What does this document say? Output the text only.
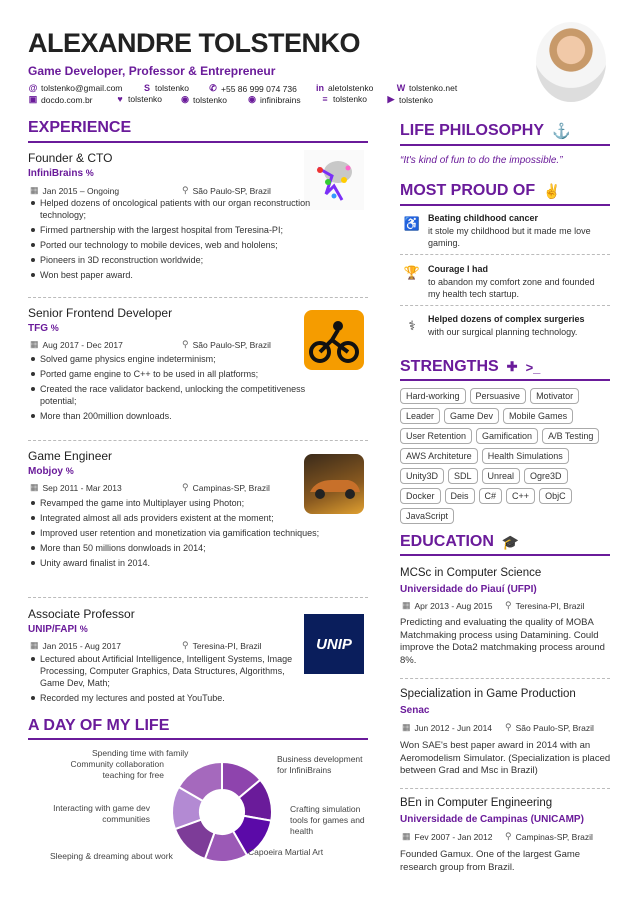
ALEXANDRE TOLSTENKO
Game Developer, Professor & Entrepreneur
@ tolstenko@gmail.com S tolstenko ✆ +55 86 999 074 736 in aletolstenko	W tolstenko.net
▣ docdo.com.br	♥ tolstenko ◉ tolstenko ◉ infinibrains ≡ tolstenko ▶ tolstenko
EXPERIENCE
Founder & CTO
InfiniBrains %
▦ Jan 2015 – Ongoing	⚲ São Paulo-SP, Brazil
Helped dozens of oncological patients with our organ reconstruction technology;
Firmed partnership with the largest hospital from Teresina-PI;
Ported our technology to mobile devices, web and hololens;
Pioneers in 3D reconstruction worldwide;
Won best paper award.
Senior Frontend Developer
TFG %
▦ Aug 2017 - Dec 2017	⚲ São Paulo-SP, Brazil
Solved game physics engine indeterminism;
Ported game engine to C++ to be used in all platforms;
Created the race validator backend, unlocking the competitiveness potential;
More than 200million downloads.
Game Engineer
Mobjoy %
▦ Sep 2011 - Mar 2013	⚲ Campinas-SP, Brazil
Revamped the game into Multiplayer using Photon;
Integrated almost all ads providers existent at the moment;
Improved user retention and monetization via gamification techniques;
More than 50 millions donwloads in 2014;
Unity award finalist in 2014.
Associate Professor
UNIP/FAPI %
▦ Jan 2015 - Aug 2017	⚲ Teresina-PI, Brazil	UNIP
Lectured about Artificial Intelligence, Intelligent Systems, Image Processing, Computer Graphics, Data Structures, Algorithms, Game Dev, Math;
Recorded my lectures and posted at YouTube.
A DAY OF MY LIFE
Spending time with family
Community collaboration teaching for free
Interacting with game dev communities
Sleeping & dreaming about work	Capoeira Martial Art
Crafting simulation tools for games and health
Business development for InfiniBrains
LIFE PHILOSOPHY ⚓
“It's kind of fun to do the impossible.”
MOST PROUD OF ✌
♿ Beating childhood cancer
it stole my childhood but it made me love gaming.
🏆 Courage I had
to abandon my comfort zone and founded my health tech startup.
⚕	Helped dozens of complex surgeries
with our surgical planning technology.
STRENGTHS ✚ >_
Hard-working	Persuasive	Motivator
Leader	Game Dev	Mobile Games
User Retention	Gamification	A/B Testing
AWS Architeture	Health Simulations
Unity3D	SDL	Unreal	Ogre3D
Docker	Deis	C#	C++	ObjC
JavaScript
EDUCATION 🎓
MCSc in Computer Science
Universidade do Piauí (UFPI)
▦ Apr 2013 - Aug 2015 ⚲ Teresina-PI, Brazil
Predicting and evaluating the quality of MOBA Matchmaking process using Datamining. Could improve the Dota2 matchmaking process around 8%.
Specialization in Game Production
Senac
▦ Jun 2012 - Jun 2014 ⚲ São Paulo-SP, Brazil
Won SAE's best paper award in 2014 with an Aeromodelism Simulator. (Specialization is placed between Grad and Msc in Brazil)
BEn in Computer Engineering
Universidade de Campinas (UNICAMP)
▦ Fev 2007 - Jan 2012 ⚲ Campinas-SP, Brazil
Founded Gamux. One of the largest Game research group from Brazil.
